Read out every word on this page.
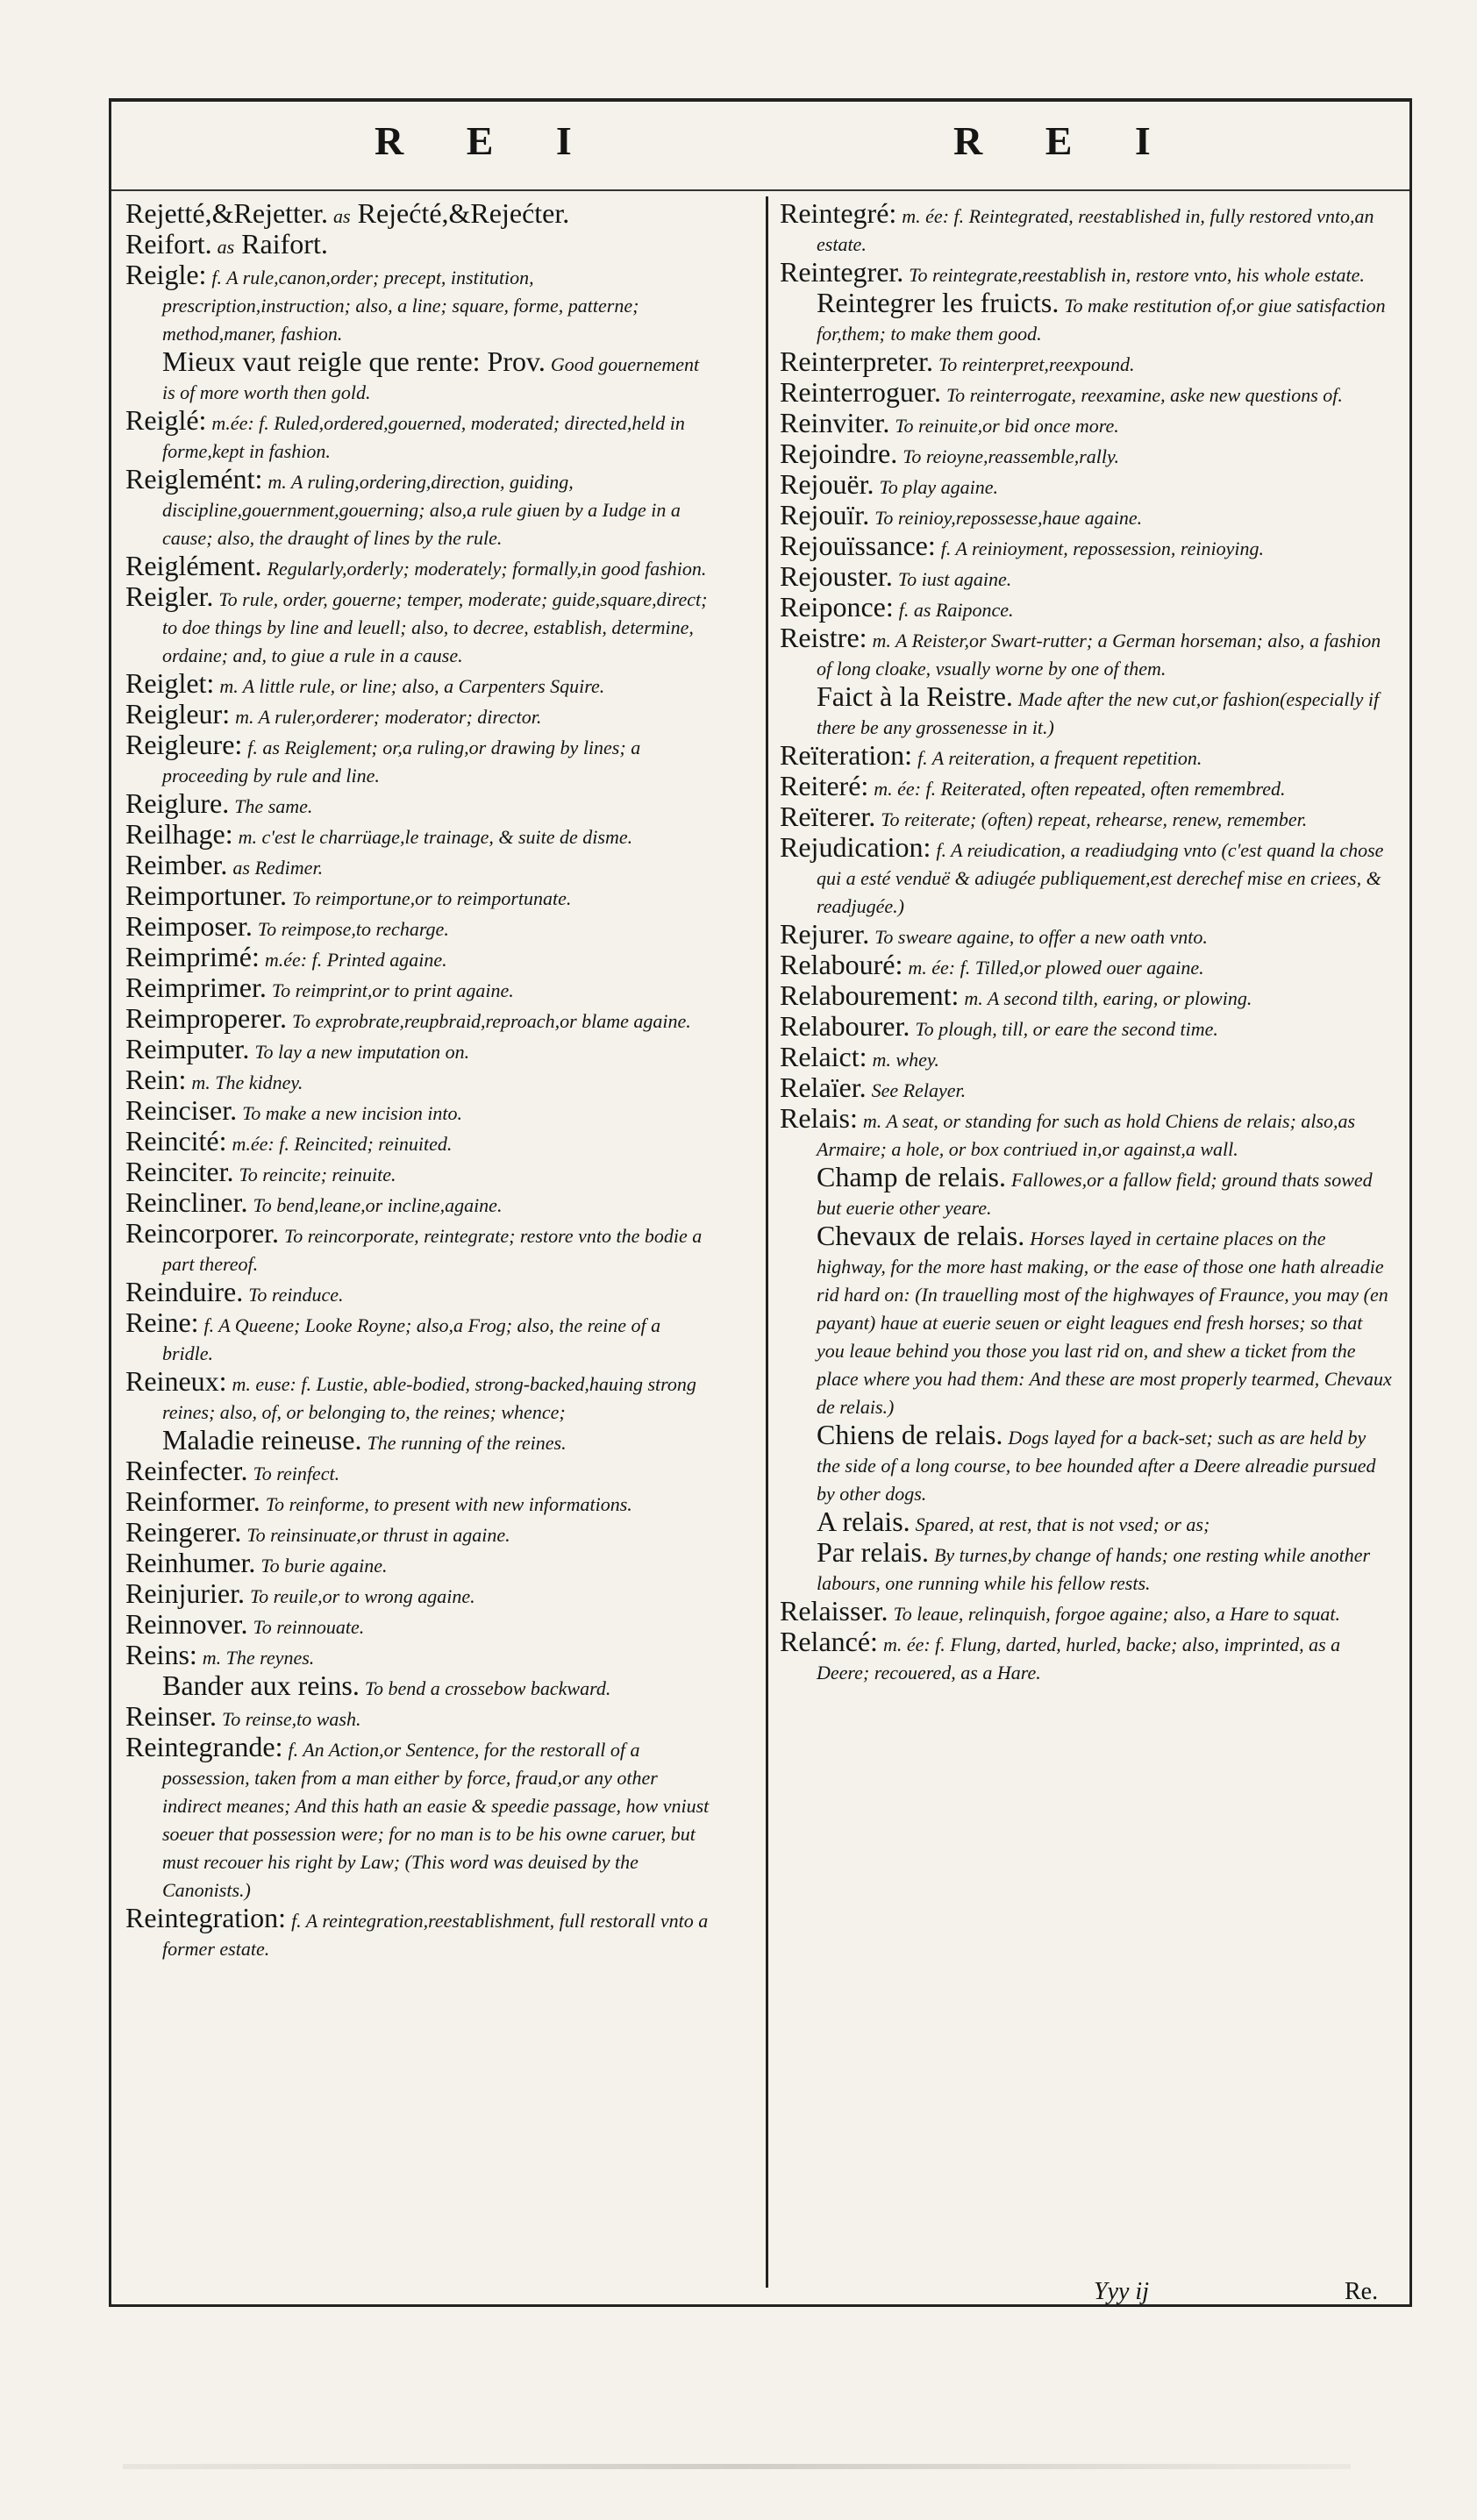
R E I	R E I
Rejetté,&Rejetter. as Rejećté,&Rejećter.
Reifort. as Raifort.
Reigle: f. A rule,canon,order; precept, institution, prescription,instruction; also, a line; square, forme, patterne; method,maner, fashion.
Mieux vaut reigle que rente: Prov. Good gouernement is of more worth then gold.
Reiglé: m.ée: f. Ruled,ordered,gouerned, moderated; directed,held in forme,kept in fashion.
Reiglemént: m. A ruling,ordering,direction, guiding, discipline,gouernment,gouerning; also,a rule giuen by a Iudge in a cause; also, the draught of lines by the rule.
Reiglément. Regularly,orderly; moderately; formally,in good fashion.
Reigler. To rule, order, gouerne; temper, moderate; guide,square,direct; to doe things by line and leuell; also, to decree, establish, determine, ordaine; and, to giue a rule in a cause.
Reiglet: m. A little rule, or line; also, a Carpenters Squire.
Reigleur: m. A ruler,orderer; moderator; director.
Reigleure: f. as Reiglement; or,a ruling,or drawing by lines; a proceeding by rule and line.
Reiglure. The same.
Reilhage: m. c'est le charrüage,le trainage, & suite de disme.
Reimber. as Redimer.
Reimportuner. To reimportune,or to reimportunate.
Reimposer. To reimpose,to recharge.
Reimprimé: m.ée: f. Printed againe.
Reimprimer. To reimprint,or to print againe.
Reimproperer. To exprobrate,reupbraid,reproach,or blame againe.
Reimputer. To lay a new imputation on.
Rein: m. The kidney.
Reinciser. To make a new incision into.
Reincité: m.ée: f. Reincited; reinuited.
Reinciter. To reincite; reinuite.
Reincliner. To bend,leane,or incline,againe.
Reincorporer. To reincorporate, reintegrate; restore vnto the bodie a part thereof.
Reinduire. To reinduce.
Reine: f. A Queene; Looke Royne; also,a Frog; also, the reine of a bridle.
Reineux: m. euse: f. Lustie, able-bodied, strong-backed,hauing strong reines; also, of, or belonging to, the reines; whence;
Maladie reineuse. The running of the reines.
Reinfecter. To reinfect.
Reinformer. To reinforme, to present with new informations.
Reingerer. To reinsinuate,or thrust in againe.
Reinhumer. To burie againe.
Reinjurier. To reuile,or to wrong againe.
Reinnover. To reinnouate.
Reins: m. The reynes.
Bander aux reins. To bend a crossebow backward.
Reinser. To reinse,to wash.
Reintegrande: f. An Action,or Sentence, for the restorall of a possession, taken from a man either by force, fraud,or any other indirect meanes; And this hath an easie & speedie passage, how vniust soeuer that possession were; for no man is to be his owne caruer, but must recouer his right by Law; (This word was deuised by the Canonists.)
Reintegration: f. A reintegration,reestablishment, full restorall vnto a former estate.
Reintegré: m. ée: f. Reintegrated, reestablished in, fully restored vnto,an estate.
Reintegrer. To reintegrate,reestablish in, restore vnto, his whole estate.
Reintegrer les fruicts. To make restitution of,or giue satisfaction for,them; to make them good.
Reinterpreter. To reinterpret,reexpound.
Reinterroguer. To reinterrogate, reexamine, aske new questions of.
Reinviter. To reinuite,or bid once more.
Rejoindre. To reioyne,reassemble,rally.
Rejouër. To play againe.
Rejouïr. To reinioy,repossesse,haue againe.
Rejouïssance: f. A reinioyment, repossession, reinioying.
Rejouster. To iust againe.
Reiponce: f. as Raiponce.
Reistre: m. A Reister,or Swart-rutter; a German horseman; also, a fashion of long cloake, vsually worne by one of them.
Faict à la Reistre. Made after the new cut,or fashion(especially if there be any grossenesse in it.)
Reïteration: f. A reiteration, a frequent repetition.
Reiteré: m. ée: f. Reiterated, often repeated, often remembred.
Reïterer. To reiterate; (often) repeat, rehearse, renew, remember.
Rejudication: f. A reiudication, a readiudging vnto (c'est quand la chose qui a esté venduë & adiugée publiquement,est derechef mise en criees, & readjugée.)
Rejurer. To sweare againe, to offer a new oath vnto.
Relabouré: m. ée: f. Tilled,or plowed ouer againe.
Relabourement: m. A second tilth, earing, or plowing.
Relabourer. To plough, till, or eare the second time.
Relaict: m. whey.
Relaïer. See Relayer.
Relais: m. A seat, or standing for such as hold Chiens de relais; also,as Armaire; a hole, or box contriued in,or against,a wall.
Champ de relais. Fallowes,or a fallow field; ground thats sowed but euerie other yeare.
Chevaux de relais. Horses layed in certaine places on the highway, for the more hast making, or the ease of those one hath alreadie rid hard on: (In trauelling most of the highwayes of Fraunce, you may (en payant) haue at euerie seuen or eight leagues end fresh horses; so that you leaue behind you those you last rid on, and shew a ticket from the place where you had them: And these are most properly tearmed, Chevaux de relais.)
Chiens de relais. Dogs layed for a back-set; such as are held by the side of a long course, to bee hounded after a Deere alreadie pursued by other dogs.
A relais. Spared, at rest, that is not vsed; or as;
Par relais. By turnes,by change of hands; one resting while another labours, one running while his fellow rests.
Relaisser. To leaue, relinquish, forgoe againe; also, a Hare to squat.
Relancé: m. ée: f. Flung, darted, hurled, backe; also, imprinted, as a Deere; recouered, as a Hare.
Yyy ij	Re.
